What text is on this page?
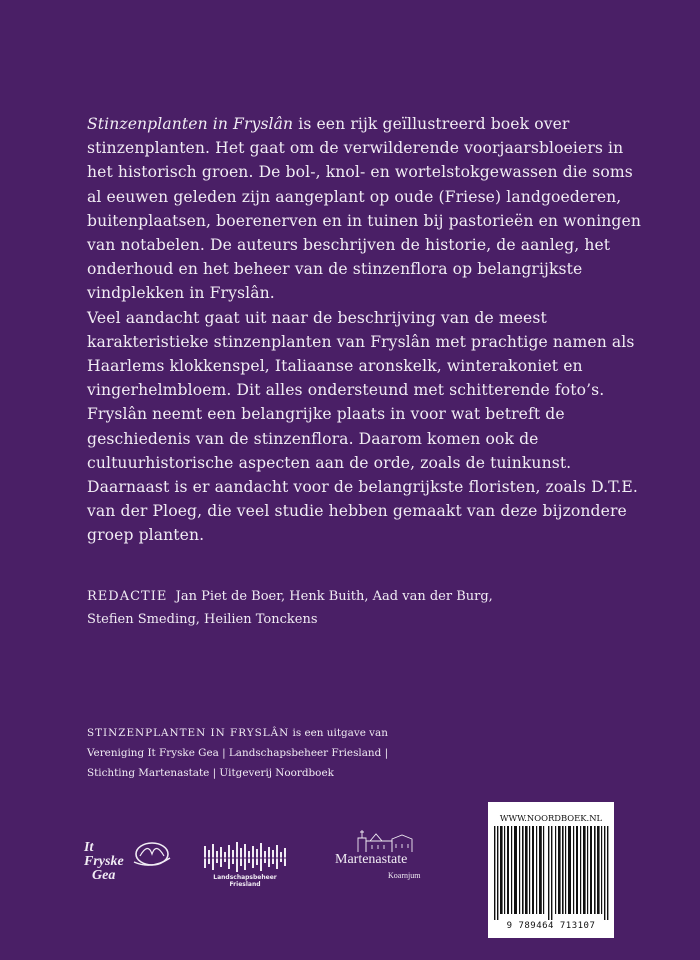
Stinzenplanten in Fryslân is een rijk geïllustreerd boek over stinzenplanten. Het gaat om de verwilderende voorjaarsbloeiers in het historisch groen. De bol-, knol- en wortelstokgewassen die soms al eeuwen geleden zijn aangeplant op oude (Friese) landgoederen, buitenplaatsen, boerenerven en in tuinen bij pastorieën en woningen van notabelen. De auteurs beschrijven de historie, de aanleg, het onderhoud en het beheer van de stinzenflora op belangrijkste vindplekken in Fryslân.

Veel aandacht gaat uit naar de beschrijving van de meest karakteristieke stinzenplanten van Fryslân met prachtige namen als Haarlems klokkenspel, Italiaanse aronskelk, winterakoniet en vingerhelmbloem. Dit alles ondersteund met schitterende foto’s.

Fryslân neemt een belangrijke plaats in voor wat betreft de geschiedenis van de stinzenflora. Daarom komen ook de cultuurhistorische aspecten aan de orde, zoals de tuinkunst. Daarnaast is er aandacht voor de belangrijkste floristen, zoals D.T.E. van der Ploeg, die veel studie hebben gemaakt van deze bijzondere groep planten.

REDACTIE Jan Piet de Boer, Henk Buith, Aad van der Burg,
Stefien Smeding, Heilien Tonckens
STINZENPLANTEN IN FRYSLÂN is een uitgave van
Vereniging It Fryske Gea | Landschapsbeheer Friesland |
Stichting Martenastate | Uitgeverij Noordboek
It
Fryske
Gea	Landschapsbeheer Friesland
Martenastate
Koarnjum
WWW.NOORDBOEK.NL
9 789464 713107
